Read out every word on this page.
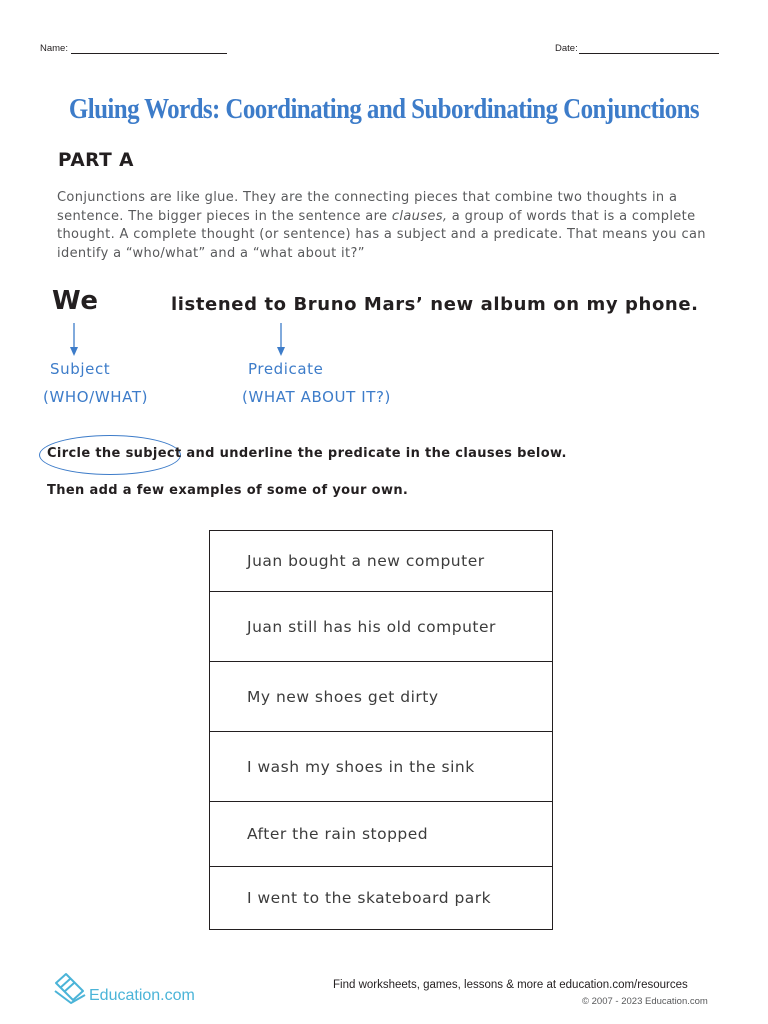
Name:	Date:
Gluing Words: Coordinating and Subordinating Conjunctions
PART A
Conjunctions are like glue. They are the connecting pieces that combine two thoughts in a sentence. The bigger pieces in the sentence are clauses, a group of words that is a complete thought. A complete thought (or sentence) has a subject and a predicate. That means you can identify a “who/what” and a “what about it?”
We	listened to Bruno Mars’ new album on my phone.
Subject
(WHO/WHAT)
Predicate
(WHAT ABOUT IT?)
Circle the subject and underline the predicate in the clauses below.
Then add a few examples of some of your own.
Juan bought a new computer
Juan still has his old computer
My new shoes get dirty
I wash my shoes in the sink
After the rain stopped
I went to the skateboard park
Education.com
Find worksheets, games, lessons & more at education.com/resources
© 2007 - 2023 Education.com
